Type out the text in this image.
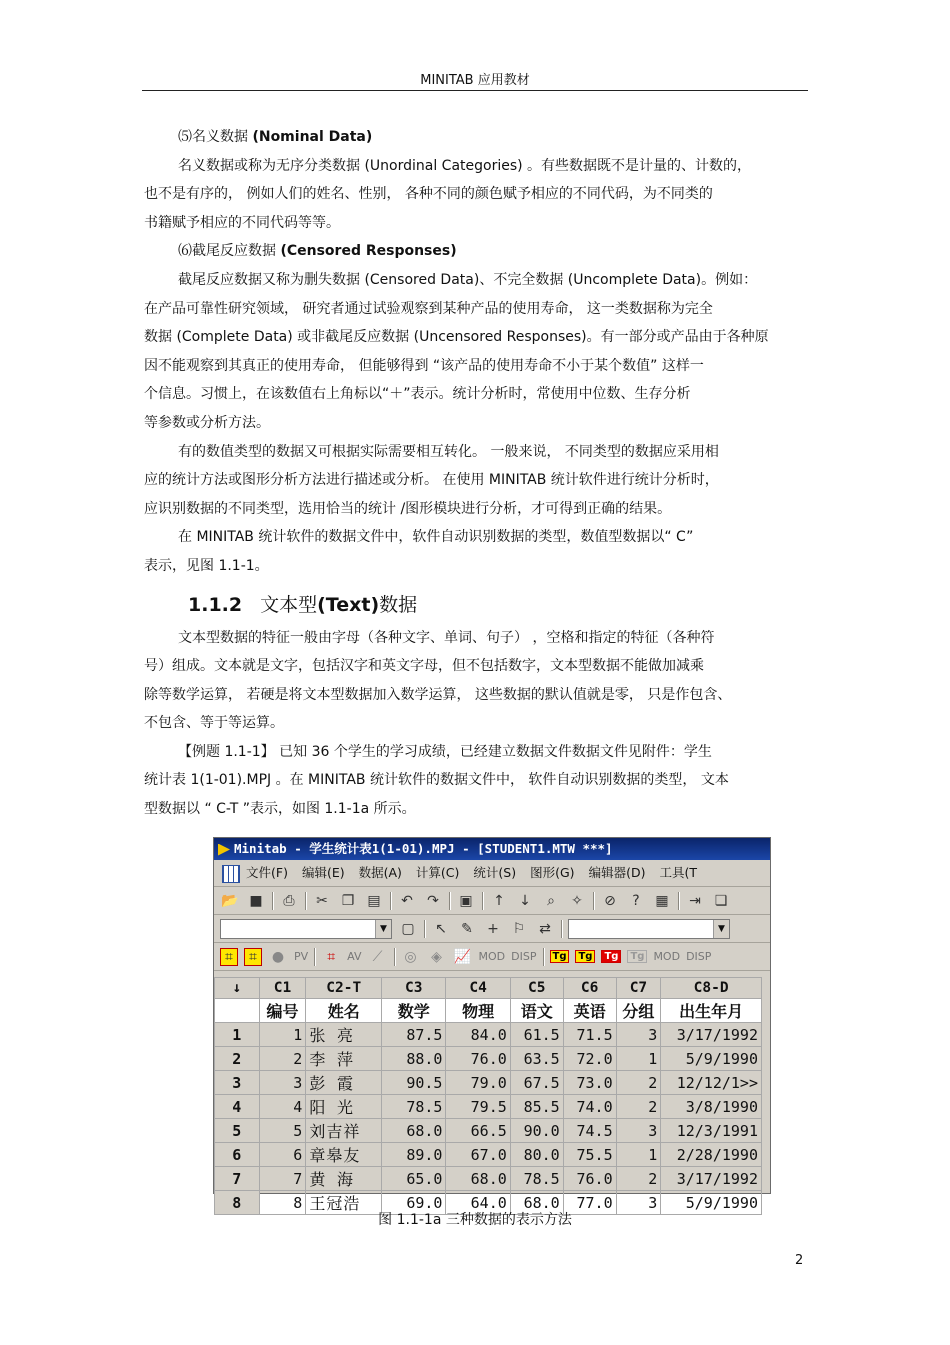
MINITAB 应用教材

⑸名义数据 (Nominal Data)

名义数据或称为无序分类数据 (Unordinal Categories) 。有些数据既不是计量的、计数的，

也不是有序的， 例如人们的姓名、性别， 各种不同的颜色赋予相应的不同代码，为不同类的

书籍赋予相应的不同代码等等。

⑹截尾反应数据 (Censored Responses)

截尾反应数据又称为删失数据 (Censored Data)、不完全数据 (Uncomplete Data)。例如：

在产品可靠性研究领域， 研究者通过试验观察到某种产品的使用寿命， 这一类数据称为完全

数据 (Complete Data) 或非截尾反应数据 (Uncensored Responses)。有一部分或产品由于各种原

因不能观察到其真正的使用寿命， 但能够得到 “该产品的使用寿命不小于某个数值” 这样一

个信息。习惯上，在该数值右上角标以“＋”表示。统计分析时，常使用中位数、生存分析

等参数或分析方法。

有的数值类型的数据又可根据实际需要相互转化。 一般来说， 不同类型的数据应采用相

应的统计方法或图形分析方法进行描述或分析。 在使用 MINITAB 统计软件进行统计分析时，

应识别数据的不同类型，选用恰当的统计 /图形模块进行分析，才可得到正确的结果。

在 MINITAB 统计软件的数据文件中，软件自动识别数据的类型，数值型数据以“ C”

表示，见图 1.1-1。

1.1.2 文本型(Text)数据

文本型数据的特征一般由字母（各种文字、单词、句子） ，空格和指定的特征（各种符

号）组成。文本就是文字，包括汉字和英文字母，但不包括数字，文本型数据不能做加减乘

除等数学运算， 若硬是将文本型数据加入数学运算， 这些数据的默认值就是零， 只是作包含、

不包含、等于等运算。

【例题 1.1-1】 已知 36 个学生的学习成绩，已经建立数据文件数据文件见附件：学生

统计表 1(1-01).MPJ 。在 MINITAB 统计软件的数据文件中， 软件自动识别数据的类型， 文本

型数据以 “ C-T ”表示，如图 1.1-1a 所示。

Minitab - 学生统计表1(1-01).MPJ - [STUDENT1.MTW ***]
文件(F) 编辑(E) 数据(A) 计算(C) 统计(S) 图形(G) 编辑器(D) 工具(T
📂 ■	⎙	✂ ❐ ▤ ↶ ↷ ▣ ↑ ↓	⌕	✧ ⊘	?	▦ ⇥ ❏
▼ ▢ ↖ ✎ + ⚐ ⇄	▼
⌗	⌗	● PV	⌗	AV ⟋	◎	◈ 📈 MOD DISP	Tg	Tg	Tg	Tg MOD DISP
↓	C1	C2-T	C3	C4	C5	C6	C7	C8-D
	编号	姓名	数学	物理	语文	英语	分组	出生年月
1	1	张 亮	87.5	84.0	61.5	71.5	3	3/17/1992
2	2	李 萍	88.0	76.0	63.5	72.0	1	5/9/1990
3	3	彭 霞	90.5	79.0	67.5	73.0	2	12/12/1>>
4	4	阳 光	78.5	79.5	85.5	74.0	2	3/8/1990
5	5	刘吉祥	68.0	66.5	90.0	74.5	3	12/3/1991
6	6	章皋友	89.0	67.0	80.0	75.5	1	2/28/1990
7	7	黄 海	65.0	68.0	78.5	76.0	2	3/17/1992
8	8	王冠浩	69.0	64.0	68.0	77.0	3	5/9/1990
图 1.1-1a 三种数据的表示方法
2
